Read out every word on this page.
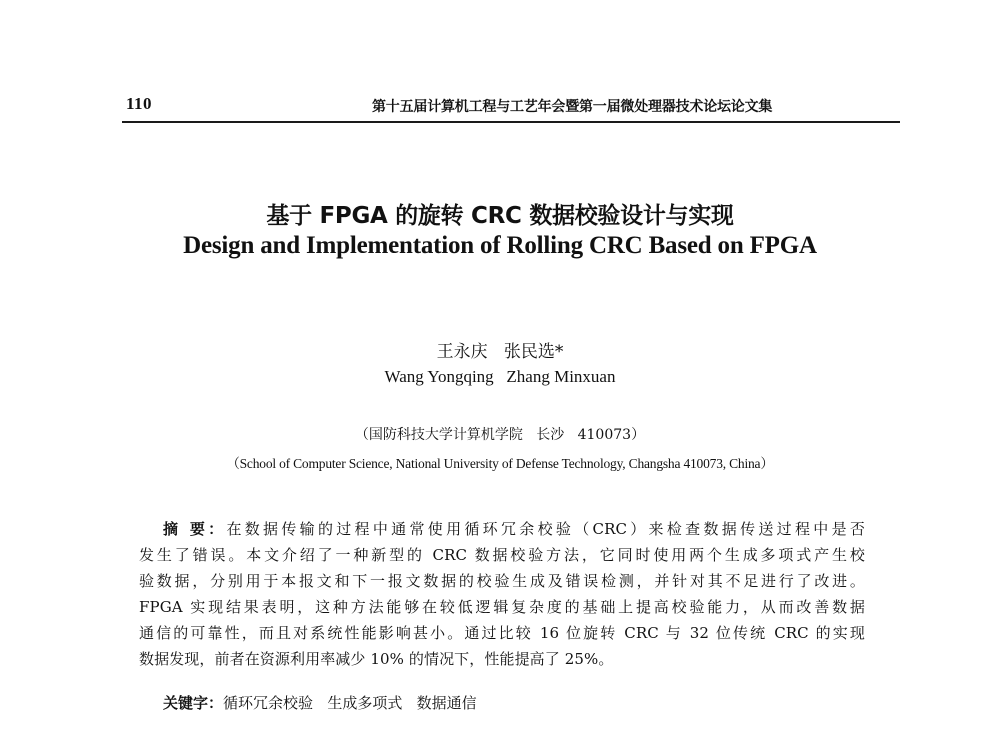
110	第十五届计算机工程与工艺年会暨第一届微处理器技术论坛论文集
基于 FPGA 的旋转 CRC 数据校验设计与实现
Design and Implementation of Rolling CRC Based on FPGA
王永庆   张民选*
Wang Yongqing   Zhang Minxuan
（国防科技大学计算机学院   长沙   410073）
（School of Computer Science, National University of Defense Technology, Changsha 410073, China）
摘 要：在数据传输的过程中通常使用循环冗余校验（CRC）来检查数据传送过程中是否
发生了错误。本文介绍了一种新型的 CRC 数据校验方法，它同时使用两个生成多项式产生校
验数据，分别用于本报文和下一报文数据的校验生成及错误检测，并针对其不足进行了改进。
FPGA 实现结果表明，这种方法能够在较低逻辑复杂度的基础上提高校验能力，从而改善数据
通信的可靠性，而且对系统性能影响甚小。通过比较 16 位旋转 CRC 与 32 位传统 CRC 的实现
数据发现，前者在资源利用率减少 10% 的情况下，性能提高了 25%。
关键字：循环冗余校验   生成多项式   数据通信
